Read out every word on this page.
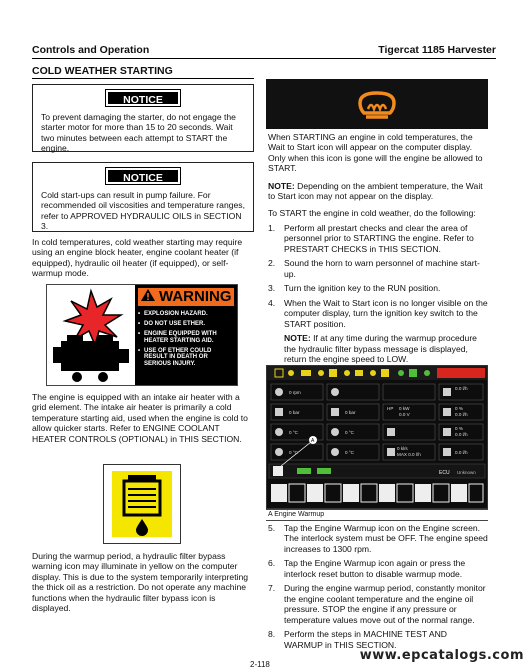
Controls and Operation	Tigercat 1185 Harvester
COLD WEATHER STARTING
NOTICE
To prevent damaging the starter, do not engage the starter motor for more than 15 to 20 seconds. Wait two minutes between each attempt to START the engine.
NOTICE
Cold start-ups can result in pump failure. For recommended oil viscosities and temperature ranges, refer to APPROVED HYDRAULIC OILS in SECTION 3.
In cold temperatures, cold weather starting may require using an engine block heater, engine coolant heater (if equipped), hydraulic oil heater (if equipped), or self-warmup mode.
WARNING
• EXPLOSION HAZARD.
• DO NOT USE ETHER.
• ENGINE EQUIPPED WITH HEATER STARTING AID.
• USE OF ETHER COULD RESULT IN DEATH OR SERIOUS INJURY.
The engine is equipped with an intake air heater with a grid element. The intake air heater is primarily a cold temperature starting aid, used when the engine is cold to allow quicker starts. Refer to ENGINE COOLANT HEATER CONTROLS (OPTIONAL) in THIS SECTION.
During the warmup period, a hydraulic filter bypass warning icon may illuminate in yellow on the computer display. This is due to the system temporarily interpreting the thick oil as a restriction. Do not operate any machine functions when the hydraulic filter bypass icon is displayed.
When STARTING an engine in cold temperatures, the Wait to Start icon will appear on the computer display. Only when this icon is gone will the engine be allowed to START.
NOTE: Depending on the ambient temperature, the Wait to Start icon may not appear on the display.
To START the engine in cold weather, do the following:
1.	Perform all prestart checks and clear the area of personnel prior to STARTING the engine. Refer to PRESTART CHECKS in THIS SECTION.
2.	Sound the horn to warn personnel of machine start-up.
3.	Turn the ignition key to the RUN position.
4.	When the Wait to Start icon is no longer visible on the computer display, turn the ignition key switch to the START position.
NOTE: If at any time during the warmup procedure the hydraulic filter bypass message is displayed, return the engine speed to LOW.
0 rpm
0.0 l/h
0 bar	0 bar
HP 0 kW
0.0 V
0 %
0.0 l/h
0 °C	0 °C
0 %
0.0 l/h
0 °C	0 °C
0 kl/s
MAX 0.0 l/h	0.0 l/h
ECU Unknown
A
A Engine Warmup
5.	Tap the Engine Warmup icon on the Engine screen. The interlock system must be OFF. The engine speed increases to 1300 rpm.
6.	Tap the Engine Warmup icon again or press the interlock reset button to disable warmup mode.
7.	During the engine warmup period, constantly monitor the engine coolant temperature and the engine oil pressure. STOP the engine if any pressure or temperature values move out of the normal range.
8.	Perform the steps in MACHINE TEST AND WARMUP in THIS SECTION.
2-118
www.epcatalogs.com
